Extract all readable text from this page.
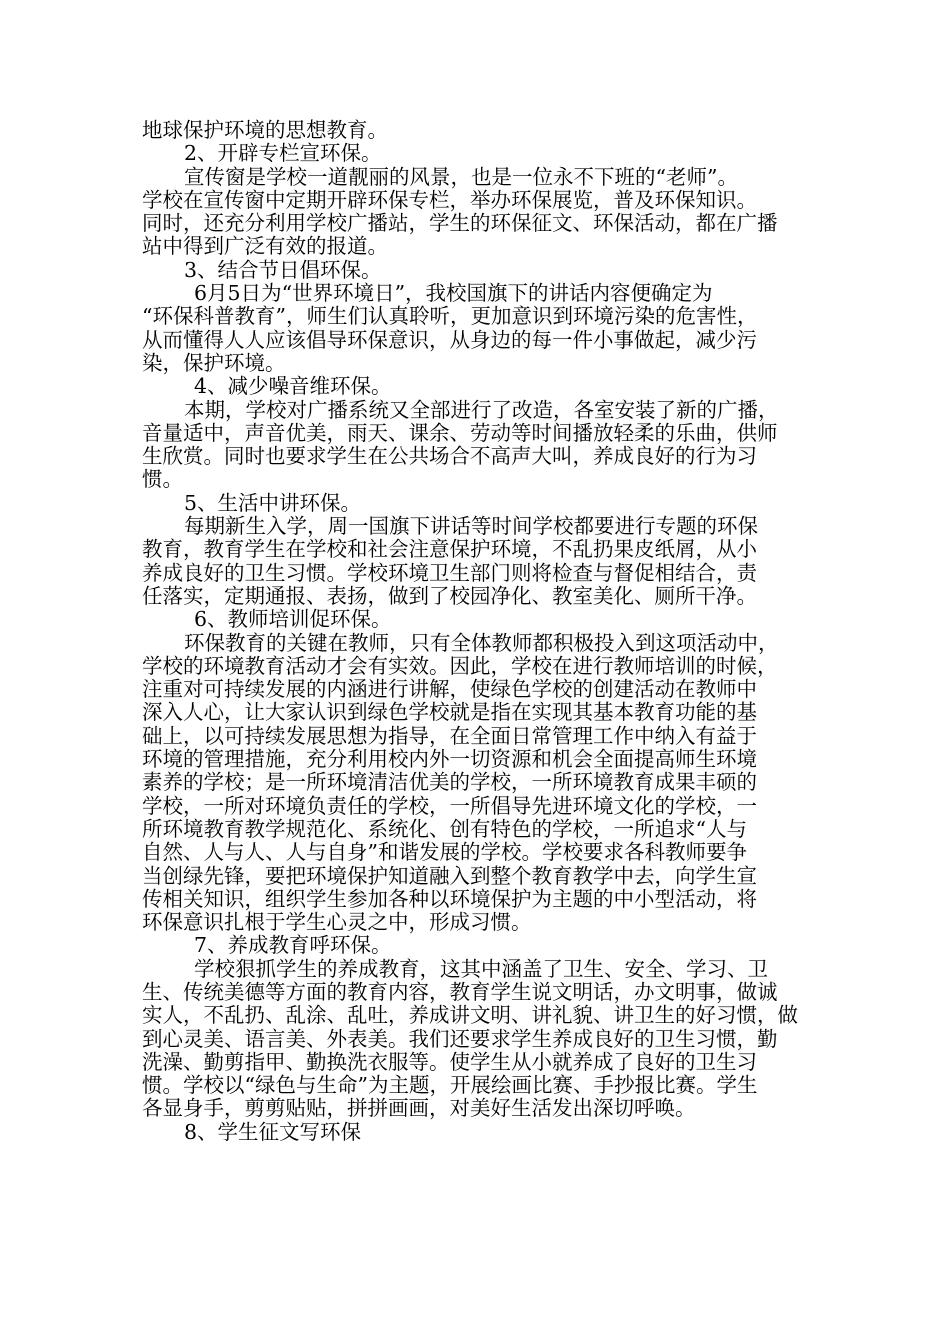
地球保护环境的思想教育。
2、开辟专栏宣环保。
宣传窗是学校一道靓丽的风景，也是一位永不下班的“老师”。
学校在宣传窗中定期开辟环保专栏，举办环保展览，普及环保知识。
同时，还充分利用学校广播站，学生的环保征文、环保活动，都在广播
站中得到广泛有效的报道。
3、结合节日倡环保。
6月5日为“世界环境日”，我校国旗下的讲话内容便确定为
“环保科普教育”，师生们认真聆听，更加意识到环境污染的危害性，
从而懂得人人应该倡导环保意识，从身边的每一件小事做起，减少污
染，保护环境。
4、减少噪音维环保。
本期，学校对广播系统又全部进行了改造，各室安装了新的广播，
音量适中，声音优美，雨天、课余、劳动等时间播放轻柔的乐曲，供师
生欣赏。同时也要求学生在公共场合不高声大叫，养成良好的行为习
惯。
5、生活中讲环保。
每期新生入学，周一国旗下讲话等时间学校都要进行专题的环保
教育，教育学生在学校和社会注意保护环境，不乱扔果皮纸屑，从小
养成良好的卫生习惯。学校环境卫生部门则将检查与督促相结合，责
任落实，定期通报、表扬，做到了校园净化、教室美化、厕所干净。
6、教师培训促环保。
环保教育的关键在教师，只有全体教师都积极投入到这项活动中，
学校的环境教育活动才会有实效。因此，学校在进行教师培训的时候，
注重对可持续发展的内涵进行讲解，使绿色学校的创建活动在教师中
深入人心，让大家认识到绿色学校就是指在实现其基本教育功能的基
础上，以可持续发展思想为指导，在全面日常管理工作中纳入有益于
环境的管理措施，充分利用校内外一切资源和机会全面提高师生环境
素养的学校；是一所环境清洁优美的学校，一所环境教育成果丰硕的
学校，一所对环境负责任的学校，一所倡导先进环境文化的学校，一
所环境教育教学规范化、系统化、创有特色的学校，一所追求“人与
自然、人与人、人与自身”和谐发展的学校。学校要求各科教师要争
当创绿先锋，要把环境保护知道融入到整个教育教学中去，向学生宣
传相关知识，组织学生参加各种以环境保护为主题的中小型活动，将
环保意识扎根于学生心灵之中，形成习惯。
7、养成教育呼环保。
学校狠抓学生的养成教育，这其中涵盖了卫生、安全、学习、卫
生、传统美德等方面的教育内容，教育学生说文明话，办文明事，做诚
实人，不乱扔、乱涂、乱吐，养成讲文明、讲礼貌、讲卫生的好习惯，做
到心灵美、语言美、外表美。我们还要求学生养成良好的卫生习惯，勤
洗澡、勤剪指甲、勤换洗衣服等。使学生从小就养成了良好的卫生习
惯。学校以“绿色与生命”为主题，开展绘画比赛、手抄报比赛。学生
各显身手，剪剪贴贴，拼拼画画，对美好生活发出深切呼唤。
8、学生征文写环保
